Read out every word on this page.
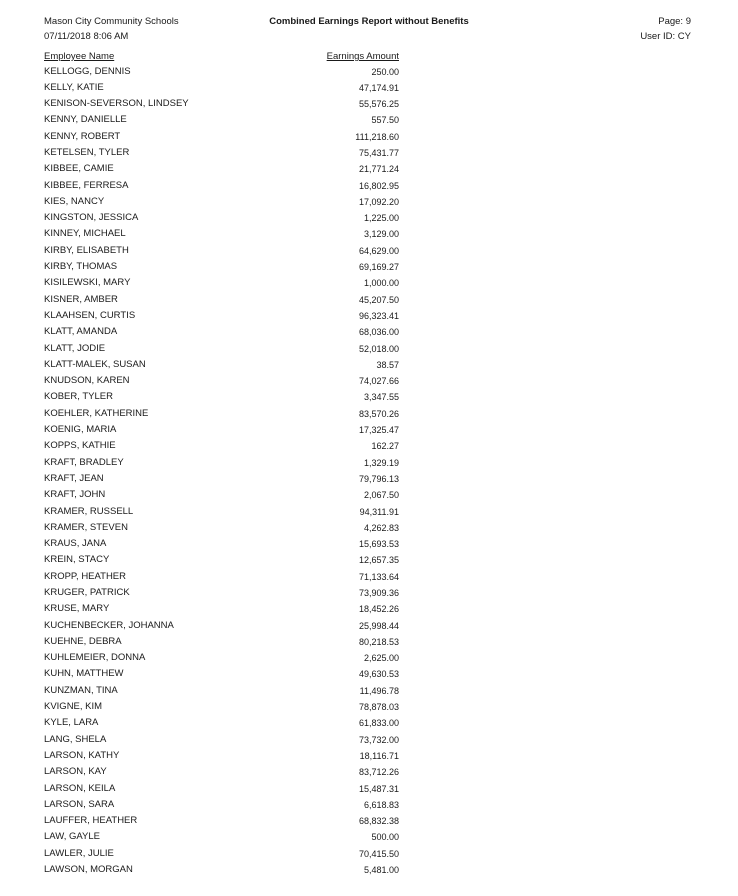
Mason City Community Schools
07/11/2018 8:06 AM
Combined Earnings Report without Benefits	Page: 9
User ID: CY
Employee Name	Earnings Amount
KELLOGG, DENNIS	250.00
KELLY, KATIE	47,174.91
KENISON-SEVERSON, LINDSEY	55,576.25
KENNY, DANIELLE	557.50
KENNY, ROBERT	111,218.60
KETELSEN, TYLER	75,431.77
KIBBEE, CAMIE	21,771.24
KIBBEE, FERRESA	16,802.95
KIES, NANCY	17,092.20
KINGSTON, JESSICA	1,225.00
KINNEY, MICHAEL	3,129.00
KIRBY, ELISABETH	64,629.00
KIRBY, THOMAS	69,169.27
KISILEWSKI, MARY	1,000.00
KISNER, AMBER	45,207.50
KLAAHSEN, CURTIS	96,323.41
KLATT, AMANDA	68,036.00
KLATT, JODIE	52,018.00
KLATT-MALEK, SUSAN	38.57
KNUDSON, KAREN	74,027.66
KOBER, TYLER	3,347.55
KOEHLER, KATHERINE	83,570.26
KOENIG, MARIA	17,325.47
KOPPS, KATHIE	162.27
KRAFT, BRADLEY	1,329.19
KRAFT, JEAN	79,796.13
KRAFT, JOHN	2,067.50
KRAMER, RUSSELL	94,311.91
KRAMER, STEVEN	4,262.83
KRAUS, JANA	15,693.53
KREIN, STACY	12,657.35
KROPP, HEATHER	71,133.64
KRUGER, PATRICK	73,909.36
KRUSE, MARY	18,452.26
KUCHENBECKER, JOHANNA	25,998.44
KUEHNE, DEBRA	80,218.53
KUHLEMEIER, DONNA	2,625.00
KUHN, MATTHEW	49,630.53
KUNZMAN, TINA	11,496.78
KVIGNE, KIM	78,878.03
KYLE, LARA	61,833.00
LANG, SHELA	73,732.00
LARSON, KATHY	18,116.71
LARSON, KAY	83,712.26
LARSON, KEILA	15,487.31
LARSON, SARA	6,618.83
LAUFFER, HEATHER	68,832.38
LAW, GAYLE	500.00
LAWLER, JULIE	70,415.50
LAWSON, MORGAN	5,481.00
